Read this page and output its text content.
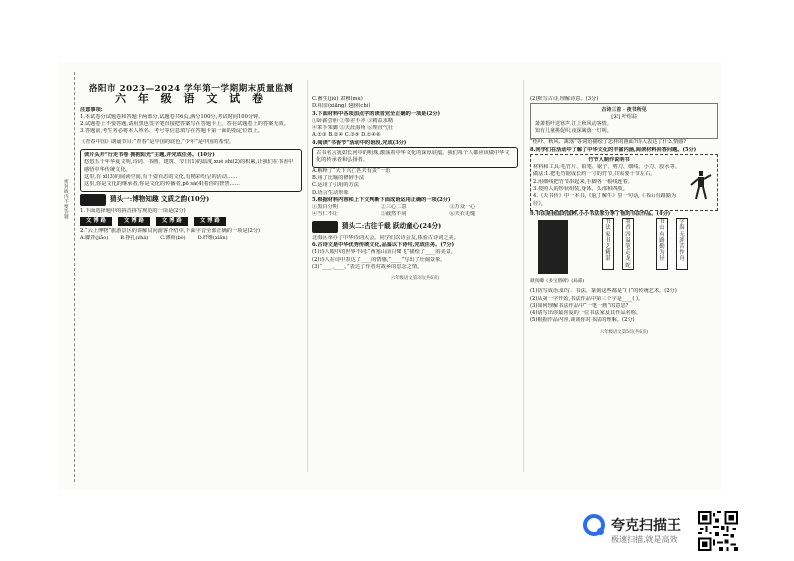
密封线内不要答题
洛阳市 2023—2024 学年第一学期期末质量监测
六 年 级 语 文 试 卷

注意事项:

1.本试卷分试题卷和答题卡两部分,试题卷共6页,满分100分,考试时间100分钟。

2.试题卷上不要答题,请用黑色签字笔直接把答案写在答题卡上。答在试题卷上的答案无效。

3.答题前,考生务必将本人姓名、考号等信息填写在答题卡第一面的指定位置上。

《青春中国》朗诵节目:“青春”是中国的底色,“少年”是中国的希望。

读片头开“行走书卷 拥抱阳光”主题,并完成任务。(10分)

悠悠五千年华夏文明,诗词、书画、建筑、节日(1)的温度,xué shì(2)的积累,让我们在书香中感悟中华传统文化。

这里,有 xī(3)的阅读空间,有千姿百态的文化,有精彩纷呈的活动……

这里,你是文化的继承者,你是文化的传播者,pō sǎ(4)着你的智慧……

猜头一:博物知趣 文质之韵(10分)

1.下面选择题中的拼音拼写规范的一项是(2分)

文 博 路	文 博 路	文 博 路	文 博 路

2.“云上博物”旅游景区的讲解员向游客介绍中,下面字音全部正确的一项是(2分)

A.脚背(jiǎo) B.挣扎(zhá) C.薄荷(bò) D.纤维(xiān)

C.畜生(jiù) 肃穆(mù)

D.相亲(xiāng) 翅膀(chì)

3.下面材料中各项加点字的读音完全正确的一项是(2分)

①卧薪尝胆 ②参差不齐 ③精益求精

④笨手笨脚 ⑤天涯海角 ⑥理直气壮

A.①③ B.②④ C.③⑤ D.①④⑥

4.阅读“书香节”活动中的语段,完成(3分)

古书名言犹如长河中的明珠,激荡着中华文化的深厚底蕴。我们每个人都应该做中华文化的传承者和弘扬者。

A.解释了“天下兴亡匹夫有责”一语

B.用了比喻的修辞手法

C.运用了引用的方法

D.语言生动形象

5.根据材料内容和上下文判断下面成语运用正确的一项(2分)

①黑白分明	②三心二意	③万众一心

④当仁不让	⑤截然不同	⑥天衣无缝

猜头二:古往千载 跃动童心(24分)

北海区举办了中华诗词大会。同学们以诗会友,体验古诗词之美。

6.古诗文是中华优秀传统文化,品鉴以下诗句,完成任务。(7分)

(1)诗人眼中的世界不同:“西塞山前白鹭飞”描绘了____的美景。

(2)诗人在诗中表达了____的情感,“____”写出了壮阔景象。

(3)“____,____。”表达了作者对故乡的思念之情。

六年级语文第3页(共6页)

(2)默写古诗,理解诗意。(3分)

古诗三首 · 夜书所见
[宋] 叶绍翁
萧萧梧叶送寒声,江上秋风动客情。
知有儿童挑促织,夜深篱落一灯明。

“梧叶、秋风、篱落”等词语描绘了怎样的画面?诗人表达了什么情感?

8.同学们在活动中了解了中华文化的丰富内涵,阅读材料回答问题。(5分)

竹节人制作说明书

材料和工具:毛竹片、铅笔、锯子、剪刀、细线、小刀、胶水等。

做法:1.把毛竹锯成长约一寸的竹节,共需要十节左右。

2.用细线把竹节串起来,手脚各一根线连着。

3.按照人的形状组装,身体、头部和四肢。

4.《天书传》中一本书,《庖丁解牛》里一句话,《书山有路勤为径》。

9.书法是我国的国粹,小小书法家分享了他的书法作品。(4分)

书法家书艺精湛
墨香四溢笔走龙蛇
书山有路勤为径
学海无涯苦作舟

颜真卿《多宝塔碑》(局部)

(1)仿写成语:如写、书法、篆刻这些都是“( )”的传统艺术。(2分)

(2)从第一字开始,书法作品中第三个字是____( )。

(3)如何理解书法作品中“一笔一画”的意思?

(4)请写出你最喜爱的一位书法家及其作品名称。

(5)根据作品内容,谈谈你对书法的理解。(2分)

六年级语文第5页(共6页)
夸克扫描王
极速扫描,就是高效
